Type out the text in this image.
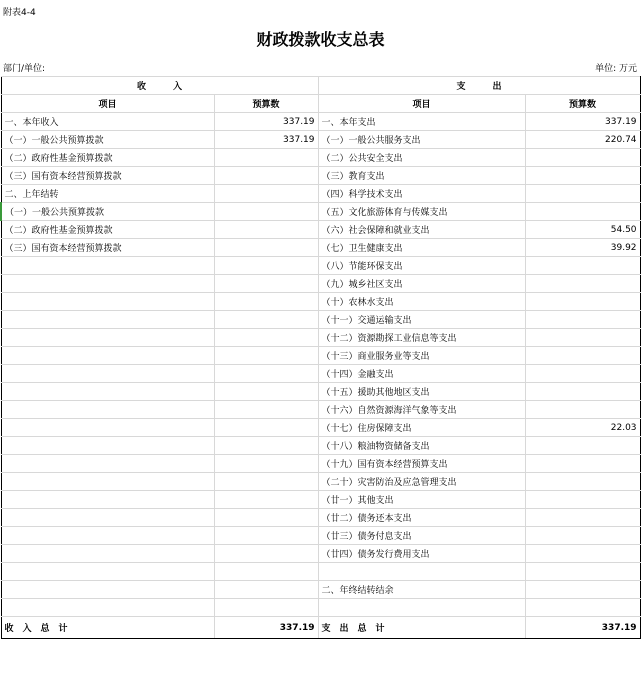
附表4-4
财政拨款收支总表
部门/单位:	单位: 万元
收　　　入		支　　　出	
项目	预算数	项目	预算数
一、本年收入	337.19	一、本年支出	337.19
（一）一般公共预算拨款	337.19	（一）一般公共服务支出	220.74
（二）政府性基金预算拨款		（二）公共安全支出	
（三）国有资本经营预算拨款		（三）教育支出	
二、上年结转		（四）科学技术支出	
（一）一般公共预算拨款		（五）文化旅游体育与传媒支出	
（二）政府性基金预算拨款		（六）社会保障和就业支出	54.50
（三）国有资本经营预算拨款		（七）卫生健康支出	39.92
		（八）节能环保支出	
		（九）城乡社区支出	
		（十）农林水支出	
		（十一）交通运输支出	
		（十二）资源勘探工业信息等支出	
		（十三）商业服务业等支出	
		（十四）金融支出	
		（十五）援助其他地区支出	
		（十六）自然资源海洋气象等支出	
		（十七）住房保障支出	22.03
		（十八）粮油物资储备支出	
		（十九）国有资本经营预算支出	
		（二十）灾害防治及应急管理支出	
		（廿一）其他支出	
		（廿二）债务还本支出	
		（廿三）债务付息支出	
		（廿四）债务发行费用支出	

		二、年终结转结余	

收　入　总　计	337.19	支　出　总　计	337.19
